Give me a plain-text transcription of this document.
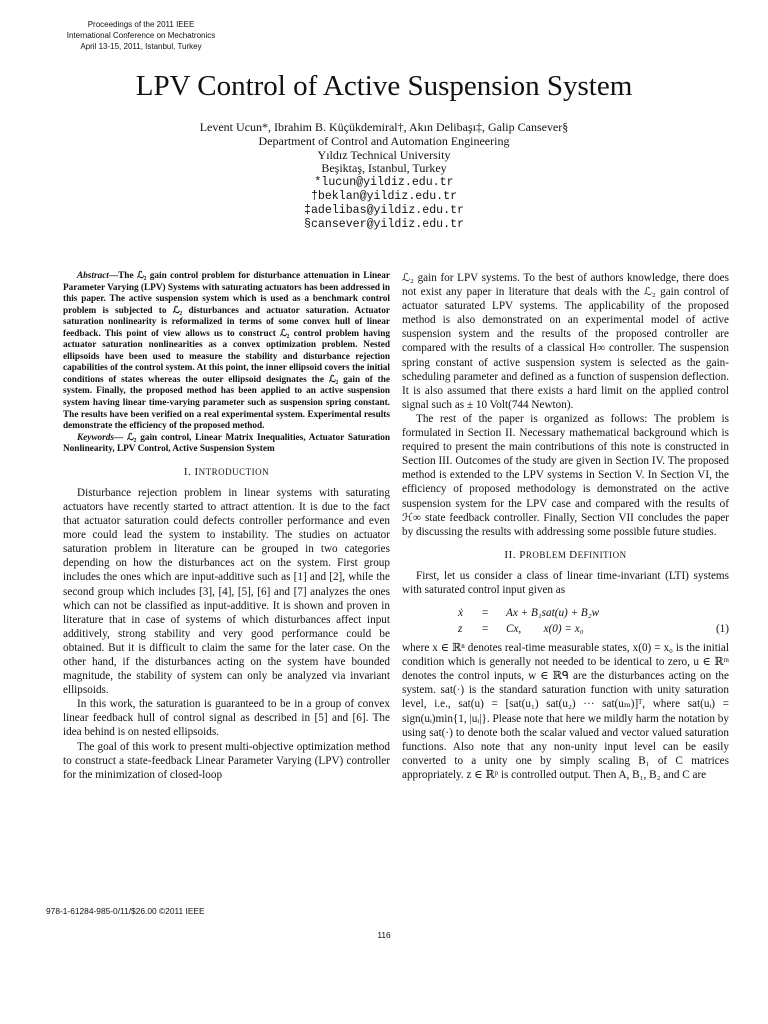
Proceedings of the 2011 IEEE
International Conference on Mechatronics
April 13-15, 2011, Istanbul, Turkey
LPV Control of Active Suspension System
Levent Ucun*, Ibrahim B. Küçükdemiral†, Akın Delibaşı‡, Galip Cansever§
Department of Control and Automation Engineering
Yıldız Technical University
Beşiktaş, Istanbul, Turkey
*lucun@yildiz.edu.tr
†beklan@yildiz.edu.tr
‡adelibas@yildiz.edu.tr
§cansever@yildiz.edu.tr

Abstract—The ℒ₂ gain control problem for disturbance attenuation in Linear Parameter Varying (LPV) Systems with saturating actuators has been addressed in this paper. The active suspension system which is used as a benchmark control problem is subjected to ℒ₂ disturbances and actuator saturation. Actuator saturation nonlinearity is reformalized in terms of some convex hull of linear feedback. This point of view allows us to construct ℒ₂ control problem having actuator saturation nonlinearities as a convex optimization problem. Nested ellipsoids have been used to measure the stability and disturbance rejection capabilities of the control system. At this point, the inner ellipsoid covers the initial conditions of states whereas the outer ellipsoid designates the ℒ₂ gain of the system. Finally, the proposed method has been applied to an active suspension system having linear time-varying parameter such as suspension spring constant. The results have been verified on a real experimental system. Experimental results demonstrate the efficiency of the proposed method.

Keywords— ℒ₂ gain control, Linear Matrix Inequalities, Actuator Saturation Nonlinearity, LPV Control, Active Suspension System

I. INTRODUCTION

Disturbance rejection problem in linear systems with saturating actuators have recently started to attract attention. It is due to the fact that actuator saturation could defects controller performance and even more could lead the system to instability. The studies on actuator saturation problem in literature can be grouped in two categories depending on how the disturbances act on the system. First group includes the ones which are input-additive such as [1] and [2], while the second group which includes [3], [4], [5], [6] and [7] analyzes the ones which can not be classified as input-additive. It is shown and proven in literature that in case of systems of which disturbances affect input additively, strong stability and very good performance could be obtained. But it is difficult to claim the same for the later case. On the other hand, if the disturbances acting on the system have bounded magnitude, the stability of system can only be analyzed via invariant ellipsoids.

In this work, the saturation is guaranteed to be in a group of convex linear feedback hull of control signal as described in [5] and [6]. The idea behind is on nested ellipsoids.

The goal of this work to present multi-objective optimization method to construct a state-feedback Linear Parameter Varying (LPV) controller for the minimization of closed-loop

ℒ₂ gain for LPV systems. To the best of authors knowledge, there does not exist any paper in literature that deals with the ℒ₂ gain control of actuator saturated LPV systems. The applicability of the proposed method is also demonstrated on an experimental model of active suspension system and the results of the proposed controller are compared with the results of a classical H∞ controller. The suspension spring constant of active suspension system is selected as the gain-scheduling parameter and defined as a function of suspension deflection. It is also assumed that there exists a hard limit on the applied control signal such as ± 10 Volt(744 Newton).

The rest of the paper is organized as follows: The problem is formulated in Section II. Necessary mathematical background which is required to present the main contributions of this note is constructed in Section III. Outcomes of the study are given in Section IV. The proposed method is extended to the LPV systems in Section V. In Section VI, the efficiency of proposed methodology is demonstrated on the active suspension system for the LPV case and compared with the results of ℋ∞ state feedback controller. Finally, Section VII concludes the paper by discussing the results with addressing some possible future studies.

II. PROBLEM DEFINITION

First, let us consider a class of linear time-invariant (LTI) systems with saturated control input given as

ẋ	=	Ax + B₁sat(u) + B₂w
z	=	Cx,        x(0) = x₀	(1)

where x ∈ ℝⁿ denotes real-time measurable states, x(0) = x₀ is the initial condition which is generally not needed to be identical to zero, u ∈ ℝᵐ denotes the control inputs, w ∈ ℝᑫ are the disturbances acting on the system. sat(·) is the standard saturation function with unity saturation level, i.e., sat(u) = [sat(u₁) sat(u₂) ··· sat(uₘ)]ᵀ, where sat(uᵢ) = sign(uᵢ)min{1, |uᵢ|}. Please note that here we mildly harm the notation by using sat(·) to denote both the scalar valued and vector valued saturation functions. Also note that any non-unity input level can be easily converted to a unity one by simply scaling B₁ of C matrices appropriately. z ∈ ℝᵖ is controlled output. Then A, B₁, B₂ and C are

978-1-61284-985-0/11/$26.00 ©2011 IEEE
116
